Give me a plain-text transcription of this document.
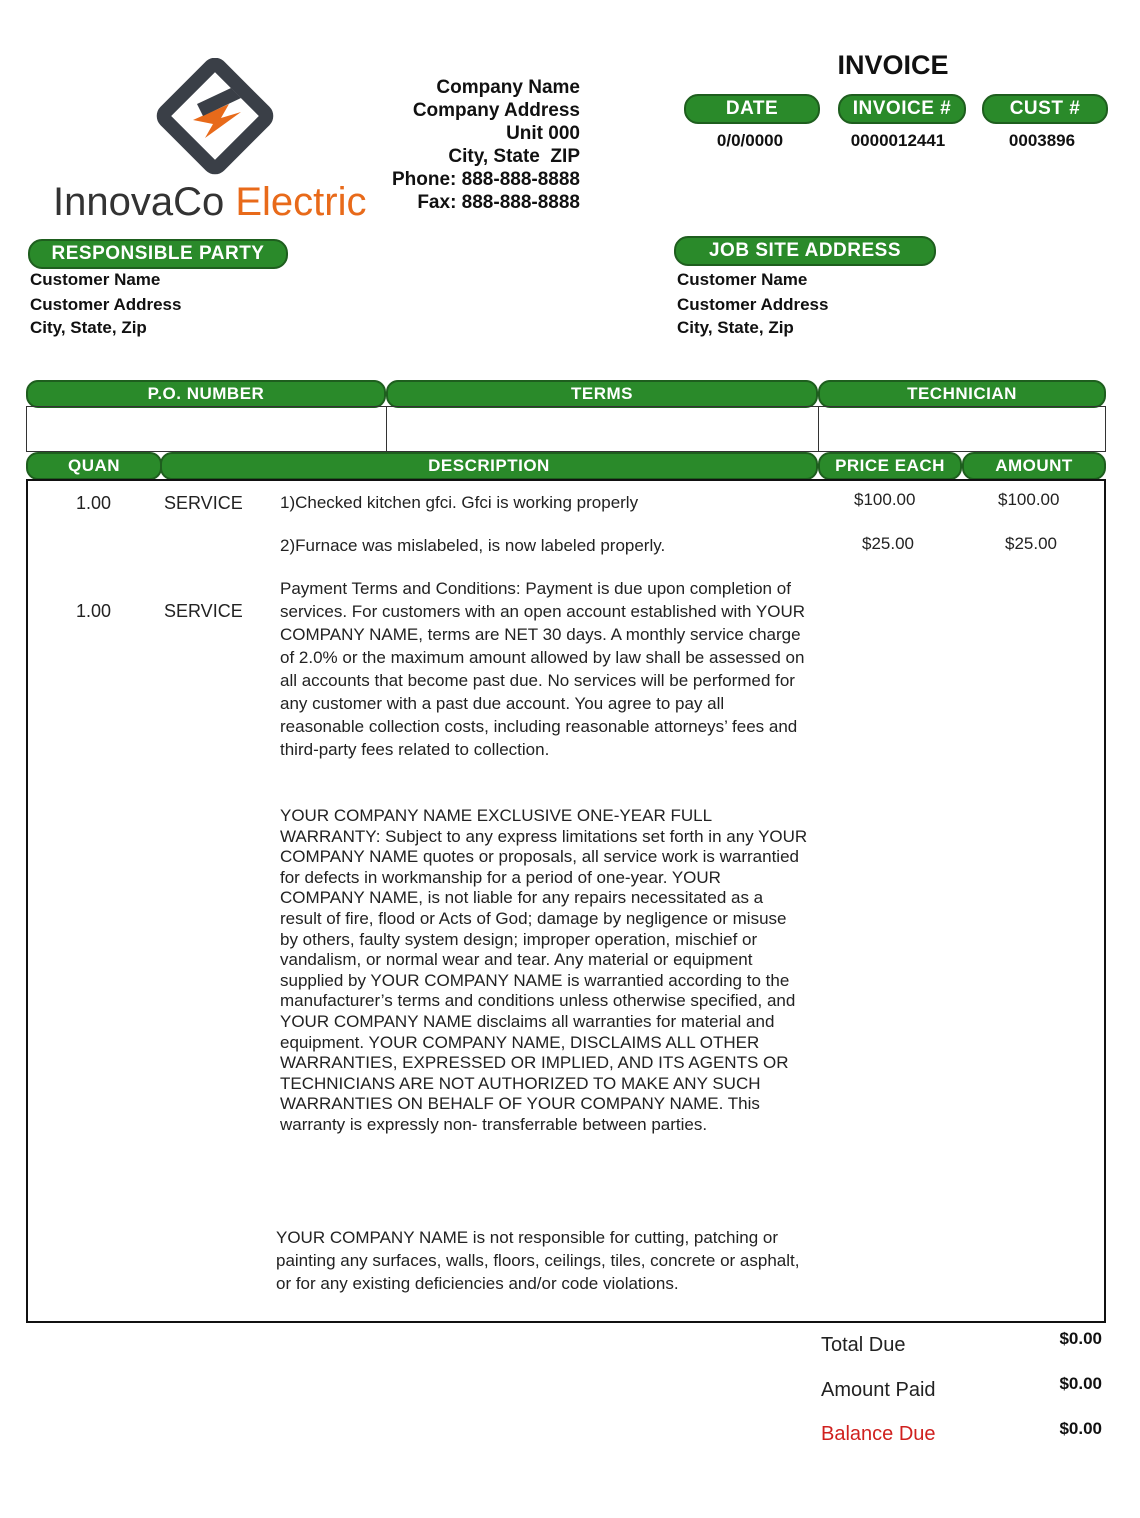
InnovaCo Electric
Company Name
Company Address
Unit 000
City, State  ZIP
Phone: 888-888-8888
Fax: 888-888-8888
INVOICE
DATE	INVOICE #	CUST #
0/0/0000	0000012441	0003896
RESPONSIBLE PARTY
Customer Name
Customer Address
City, State, Zip
JOB SITE ADDRESS
Customer Name
Customer Address
City, State, Zip
P.O. NUMBER	TERMS	TECHNICIAN
QUAN	DESCRIPTION	PRICE EACH	AMOUNT
1.00	SERVICE 1)Checked kitchen gfci. Gfci is working properly	$100.00	$100.00
2)Furnace was mislabeled, is now labeled properly.	$25.00	$25.00
1.00	SERVICE
Payment Terms and Conditions: Payment is due upon completion of services. For customers with an open account established with YOUR COMPANY NAME, terms are NET 30 days. A monthly service charge of 2.0% or the maximum amount allowed by law shall be assessed on all accounts that become past due. No services will be performed for any customer with a past due account. You agree to pay all reasonable collection costs, including reasonable attorneys’ fees and third-party fees related to collection.
YOUR COMPANY NAME EXCLUSIVE ONE-YEAR FULL WARRANTY: Subject to any express limitations set forth in any YOUR COMPANY NAME quotes or proposals, all service work is warrantied for defects in workmanship for a period of one-year. YOUR COMPANY NAME, is not liable for any repairs necessitated as a result of fire, flood or Acts of God; damage by negligence or misuse by others, faulty system design; improper operation, mischief or vandalism, or normal wear and tear. Any material or equipment supplied by YOUR COMPANY NAME is warrantied according to the manufacturer’s terms and conditions unless otherwise specified, and YOUR COMPANY NAME disclaims all warranties for material and equipment. YOUR COMPANY NAME, DISCLAIMS ALL OTHER WARRANTIES, EXPRESSED OR IMPLIED, AND ITS AGENTS OR TECHNICIANS ARE NOT AUTHORIZED TO MAKE ANY SUCH WARRANTIES ON BEHALF OF YOUR COMPANY NAME. This warranty is expressly non- transferrable between parties.
YOUR COMPANY NAME is not responsible for cutting, patching or painting any surfaces, walls, floors, ceilings, tiles, concrete or asphalt, or for any existing deficiencies and/or code violations.
Total Due	$0.00
Amount Paid	$0.00
Balance Due	$0.00
